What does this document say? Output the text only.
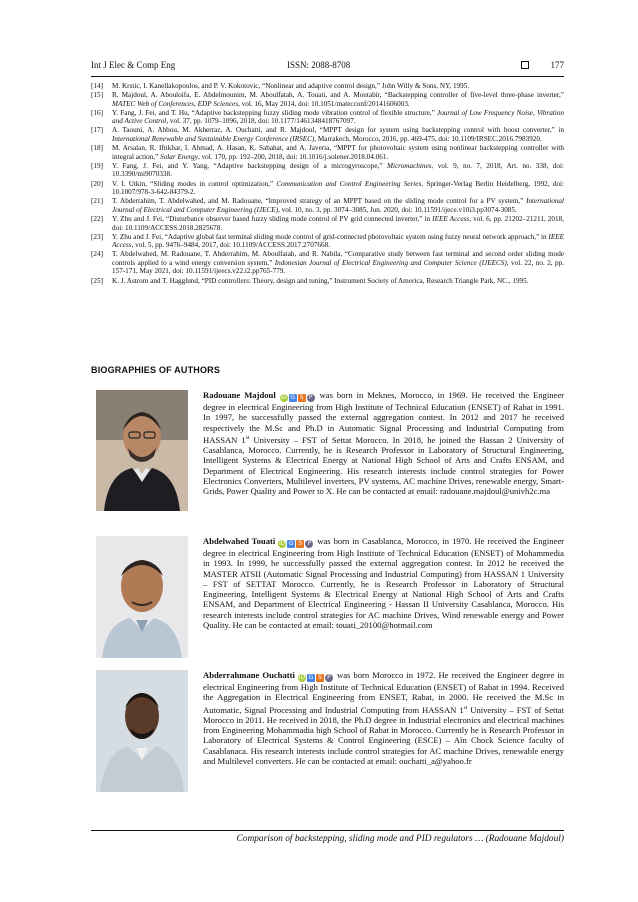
Int J Elec & Comp Eng	ISSN: 2088-8708	177
[14]	M. Krstic, I. Kanellakopoulos, and P. V. Kokotovic, “Nonlinear and adaptive control design,” John Willy & Sons, NY, 1995.
[15]	R. Majdoul, A. Abouloifa, E. Abdelmounim, M. Aboulfatah, A. Touati, and A. Moutabir, “Backstepping controller of five-level three-phase inverter,” MATEC Web of Conferences, EDP Sciences, vol. 16, May 2014, doi: 10.1051/matecconf/20141606003.
[16]	Y. Fang, J. Fei, and T. Hu, “Adaptive backstepping fuzzy sliding mode vibration control of flexible structure,” Journal of Low Frequency Noise, Vibration and Active Control, vol. 37, pp. 1079–1096, 2018, doi: 10.1177/1461348418767097.
[17]	A. Taouni, A. Abbou, M. Akherraz, A. Ouchatti, and R. Majdoul, “MPPT design for system using backstepping control with boost converter,” in International Renewable and Sustainable Energy Conference (IRSEC), Marrakech, Morocco, 2016, pp. 469-475, doi: 10.1109/IRSEC.2016.7983920.
[18]	M. Arsalan, R. Iftikhar, I. Ahmad, A. Hasan, K. Sabahat, and A. Javeria, “MPPT for photovoltaic system using nonlinear backstepping controller with integral action,” Solar Energy, vol. 170, pp. 192–200, 2018, doi: 10.1016/j.solener.2018.04.061.
[19]	Y. Fang, J. Fei, and Y. Yang, “Adaptive backstepping design of a microgyroscope,” Micromachines, vol. 9, no. 7, 2018, Art. no. 338, doi: 10.3390/mi9070338.
[20]	V. I. Utkin, “Sliding modes in control optimization,” Communication and Control Engineering Series, Springer-Verlag Berlin Heidelberg, 1992, doi: 10.1007/978-3-642-84379-2.
[21]	T. Abderrahim, T. Abdelwahed, and M. Radouane, “Improved strategy of an MPPT based on the sliding mode control for a PV system,” International Journal of Electrical and Computer Engineering (IJECE), vol. 10, no. 3, pp. 3074–3085, Jun. 2020, doi: 10.11591/ijece.v10i3.pp3074-3085.
[22]	Y. Zhu and J. Fei, “Disturbance observer based fuzzy sliding mode control of PV grid connected inverter,” in IEEE Access, vol. 6, pp. 21202–21211, 2018, doi: 10.1109/ACCESS.2018.2825678.
[23]	Y. Zhu and J. Fei, “Adaptive global fast terminal sliding mode control of grid-connected photovoltaic system using fuzzy neural network approach,” in IEEE Access, vol. 5, pp. 9476–9484, 2017, doi: 10.1109/ACCESS.2017.2707668.
[24]	T. Abdelwahed, M. Radouane, T. Abderrahim, M. Aboulfatah, and R. Nabila, “Comparative study between fast terminal and second order sliding mode controls applied to a wind energy conversion system,” Indonesian Journal of Electrical Engineering and Computer Science (IJEECS), vol. 22, no. 2, pp. 157-171, May 2021, doi: 10.11591/ijeecs.v22.i2.pp765-779.
[25]	K. J. Astrom and T. Hagglund, “PID controllers: Theory, design and tuning,” Instrument Society of America, Research Triangle Park, NC., 1995.
BIOGRAPHIES OF AUTHORS
Radouane Majdoul iD G S P was born in Meknes, Morocco, in 1969. He received the Engineer degree in electrical Engineering from High Institute of Technical Education (ENSET) of Rabat in 1991. In 1997, he successfully passed the external aggregation contest. In 2012 and 2017 he received respectively the M.Sc and Ph.D in Automatic Signal Processing and Industrial Computing from HASSAN 1st University – FST of Settat Morocco. In 2018, he joined the Hassan 2 University of Casablanca, Morocco. Currently, he is Research Professor in Laboratory of Structural Engineering, Intelligent Systems & Electrical Energy at National High School of Arts and Crafts ENSAM, and Department of Electrical Engineering. His research interests include control strategies for Power Electronics Converters, Multilevel inverters, PV systems, AC machine Drives, renewable energy, Smart-Grids, Power Quality and Power to X. He can be contacted at email: radouane.majdoul@univh2c.ma
Abdelwahed Touati iD G S P was born in Casablanca, Morocco, in 1970. He received the Engineer degree in electrical Engineering from High Institute of Technical Education (ENSET) of Mohammedia in 1993. In 1999, he successfully passed the external aggregation contest. In 2012 he received the MASTER ATSII (Automatic Signal Processing and Industrial Computing) from HASSAN 1 University – FST of SETTAT Morocco. Currently, he is Research Professor in Laboratory of Structural Engineering, Intelligent Systems & Electrical Energy at National High School of Arts and Crafts ENSAM, and Department of Electrical Engineering - Hassan II University Casablanca, Morocco. His research interests include control strategies for AC machine Drives, Wind renewable energy and Power Quality. He can be contacted at email: touati_20100@hotmail.com
Abderrahmane Ouchatti iD G S P was born Morocco in 1972. He received the Engineer degree in electrical Engineering from High Institute of Technical Education (ENSET) of Rabat in 1994. Received the Aggregation in Electrical Engineering from ENSET, Rabat, in 2000. He received the M.Sc in Automatic, Signal Processing and Industrial Computing from HASSAN 1st University – FST of Settat Morocco in 2011. He received in 2018, the Ph.D degree in Industrial electronics and electrical machines from Engineering Mohammadia high School of Rabat in Morocco. Currently he is Research Professor in Laboratory of Electrical Systems & Control Engineering (ESCE) – Aïn Chock Science faculty of Casablanaca. His research interests include control strategies for AC machine Drives, renewable energy and Multilevel converters. He can be contacted at email: ouchatti_a@yahoo.fr
Comparison of backstepping, sliding mode and PID regulators … (Radouane Majdoul)
